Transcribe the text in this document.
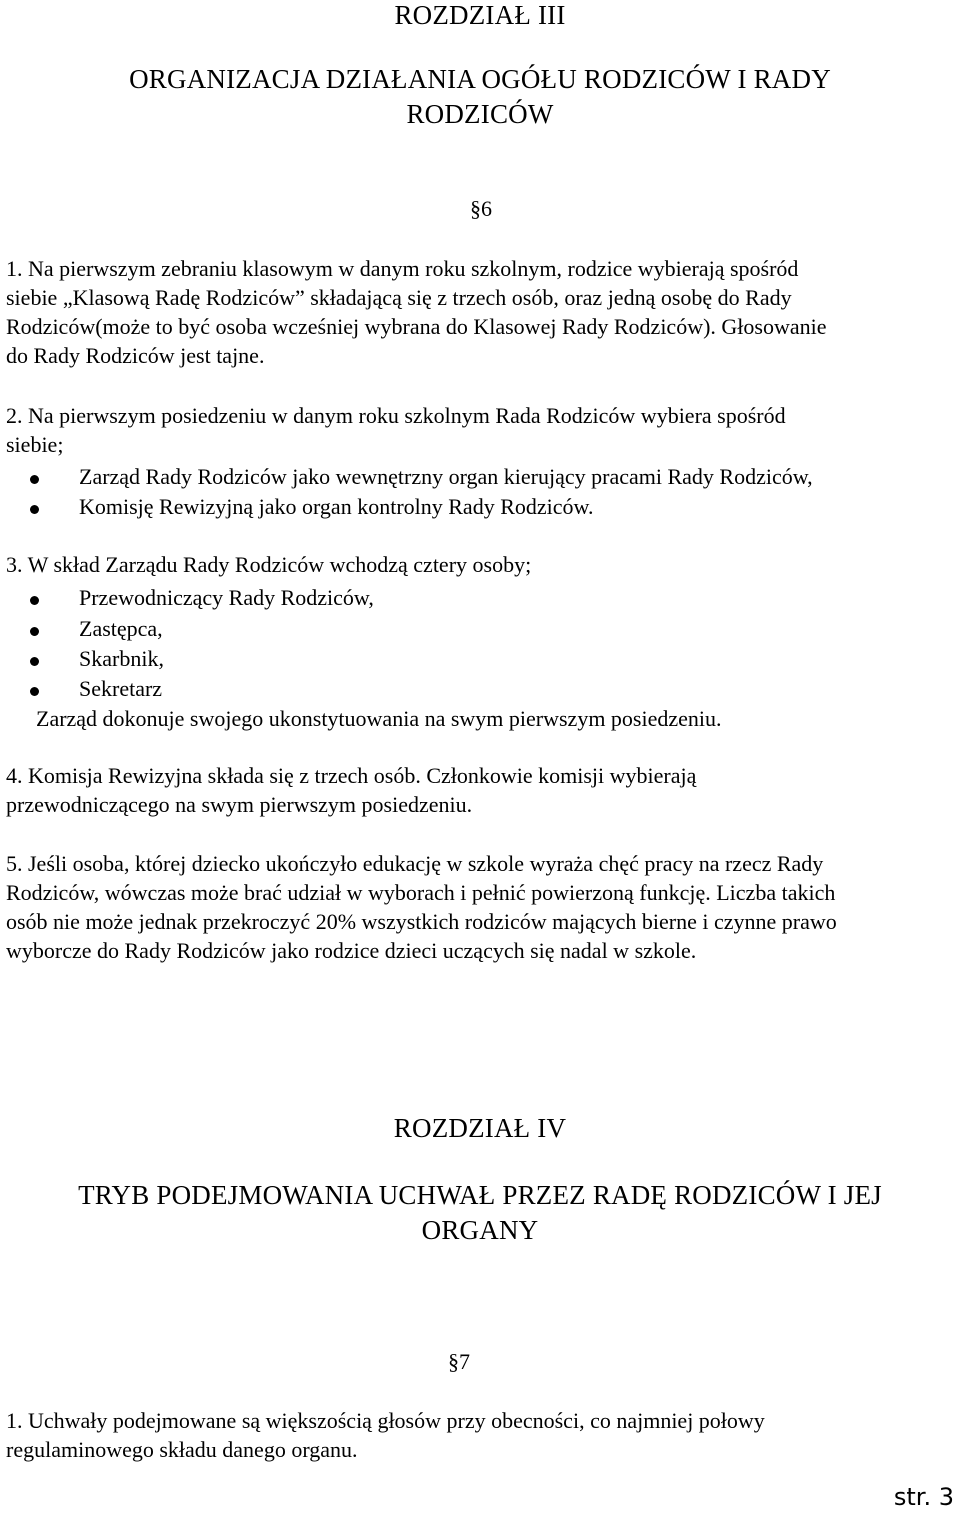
ROZDZIAŁ III
ORGANIZACJA DZIAŁANIA OGÓŁU RODZICÓW I RADY
RODZICÓW
§6
1. Na pierwszym zebraniu klasowym w danym roku szkolnym, rodzice wybierają spośród
siebie „Klasową Radę Rodziców” składającą się z trzech osób, oraz jedną osobę do Rady
Rodziców(może to być osoba wcześniej wybrana do Klasowej Rady Rodziców). Głosowanie
do Rady Rodziców jest tajne.
2. Na pierwszym posiedzeniu w danym roku szkolnym Rada Rodziców wybiera spośród
siebie;
Zarząd Rady Rodziców jako wewnętrzny organ kierujący pracami Rady Rodziców,
Komisję Rewizyjną jako organ kontrolny Rady Rodziców.
3. W skład Zarządu Rady Rodziców wchodzą cztery osoby;
Przewodniczący Rady Rodziców,
Zastępca,
Skarbnik,
Sekretarz
Zarząd dokonuje swojego ukonstytuowania na swym pierwszym posiedzeniu.
4. Komisja Rewizyjna składa się z trzech osób. Członkowie komisji wybierają
przewodniczącego na swym pierwszym posiedzeniu.
5. Jeśli osoba, której dziecko ukończyło edukację w szkole wyraża chęć pracy na rzecz Rady
Rodziców, wówczas może brać udział w wyborach i pełnić powierzoną funkcję. Liczba takich
osób nie może jednak przekroczyć 20% wszystkich rodziców mających bierne i czynne prawo
wyborcze do Rady Rodziców jako rodzice dzieci uczących się nadal w szkole.
ROZDZIAŁ IV
TRYB PODEJMOWANIA UCHWAŁ PRZEZ RADĘ RODZICÓW I JEJ
ORGANY
§7
1. Uchwały podejmowane są większością głosów przy obecności, co najmniej połowy
regulaminowego składu danego organu.
str. 3
